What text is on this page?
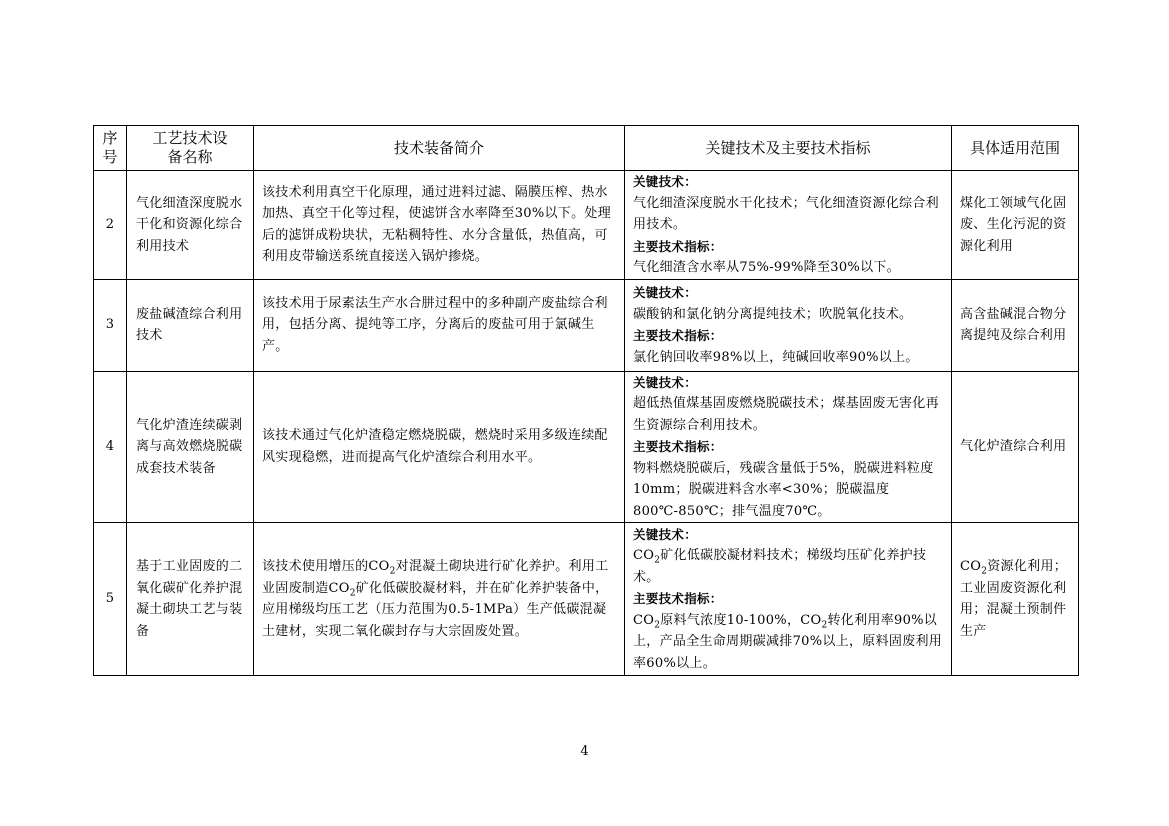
序号	工艺技术设备名称	技术装备简介	关键技术及主要技术指标	具体适用范围
2	气化细渣深度脱水干化和资源化综合利用技术	该技术利用真空干化原理，通过进料过滤、隔膜压榨、热水加热、真空干化等过程，使滤饼含水率降至30%以下。处理后的滤饼成粉块状，无粘稠特性、水分含量低，热值高，可利用皮带输送系统直接送入锅炉掺烧。	关键技术：
气化细渣深度脱水干化技术；气化细渣资源化综合利用技术。
主要技术指标：
气化细渣含水率从75%-99%降至30%以下。	煤化工领域气化固废、生化污泥的资源化利用
3	废盐碱渣综合利用技术	该技术用于尿素法生产水合肼过程中的多种副产废盐综合利用，包括分离、提纯等工序，分离后的废盐可用于氯碱生产。	关键技术：
碳酸钠和氯化钠分离提纯技术；吹脱氧化技术。
主要技术指标：
氯化钠回收率98%以上，纯碱回收率90%以上。	高含盐碱混合物分离提纯及综合利用
4	气化炉渣连续碳剥离与高效燃烧脱碳成套技术装备	该技术通过气化炉渣稳定燃烧脱碳，燃烧时采用多级连续配风实现稳燃，进而提高气化炉渣综合利用水平。	关键技术：
超低热值煤基固废燃烧脱碳技术；煤基固废无害化再生资源综合利用技术。
主要技术指标：
物料燃烧脱碳后，残碳含量低于5%，脱碳进料粒度 10mm；脱碳进料含水率<30%；脱碳温度800℃-850℃；排气温度70℃。	气化炉渣综合利用
5	基于工业固废的二氧化碳矿化养护混凝土砌块工艺与装备	该技术使用增压的$CO_2$对混凝土砌块进行矿化养护。利用工业固废制造$CO_2$矿化低碳胶凝材料，并在矿化养护装备中，应用梯级均压工艺（压力范围为0.5-1MPa）生产低碳混凝土建材，实现二氧化碳封存与大宗固废处置。	关键技术：
$CO_2$矿化低碳胶凝材料技术；梯级均压矿化养护技术。
主要技术指标：
$CO_2$原料气浓度10-100%，$CO_2$转化利用率90%以上，产品全生命周期碳减排70%以上，原料固废利用率60%以上。	$CO_2$资源化利用；工业固废资源化利用；混凝土预制件生产
4
